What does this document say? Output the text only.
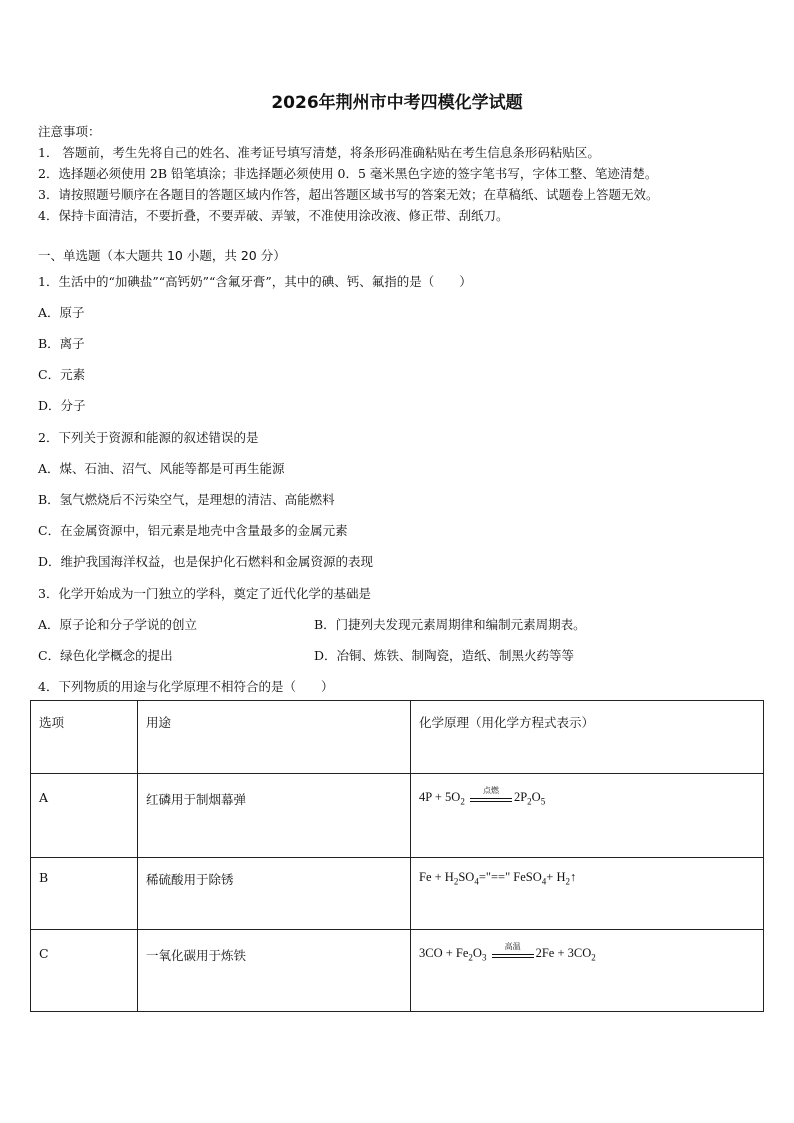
2026年荆州市中考四模化学试题
注意事项：
1． 答题前，考生先将自己的姓名、准考证号填写清楚，将条形码准确粘贴在考生信息条形码粘贴区。
2．选择题必须使用 2B 铅笔填涂；非选择题必须使用 0．5 毫米黑色字迹的签字笔书写，字体工整、笔迹清楚。
3．请按照题号顺序在各题目的答题区域内作答，超出答题区域书写的答案无效；在草稿纸、试题卷上答题无效。
4．保持卡面清洁，不要折叠，不要弄破、弄皱，不准使用涂改液、修正带、刮纸刀。
一、单选题（本大题共 10 小题，共 20 分）
1．生活中的“加碘盐”“高钙奶”“含氟牙膏”，其中的碘、钙、氟指的是（　　）
A．原子
B．离子
C．元素
D．分子
2．下列关于资源和能源的叙述错误的是
A．煤、石油、沼气、风能等都是可再生能源
B．氢气燃烧后不污染空气，是理想的清洁、高能燃料
C．在金属资源中，铝元素是地壳中含量最多的金属元素
D．维护我国海洋权益，也是保护化石燃料和金属资源的表现
3．化学开始成为一门独立的学科，奠定了近代化学的基础是
A．原子论和分子学说的创立	B．门捷列夫发现元素周期律和编制元素周期表。
C．绿色化学概念的提出	D．冶铜、炼铁、制陶瓷，造纸、制黑火药等等
4．下列物质的用途与化学原理不相符合的是（　　）
选项	用途	化学原理（用化学方程式表示）
A	红磷用于制烟幕弹	$4P + 5O_2$
点燃 $2P_2O_5$
B	稀硫酸用于除锈	$Fe + H_2SO_4="==$" FeSO$_4$+ $H_2↑$
C	一氧化碳用于炼铁	$3CO + Fe_2O_3$
高温 $2Fe + 3CO_2$
